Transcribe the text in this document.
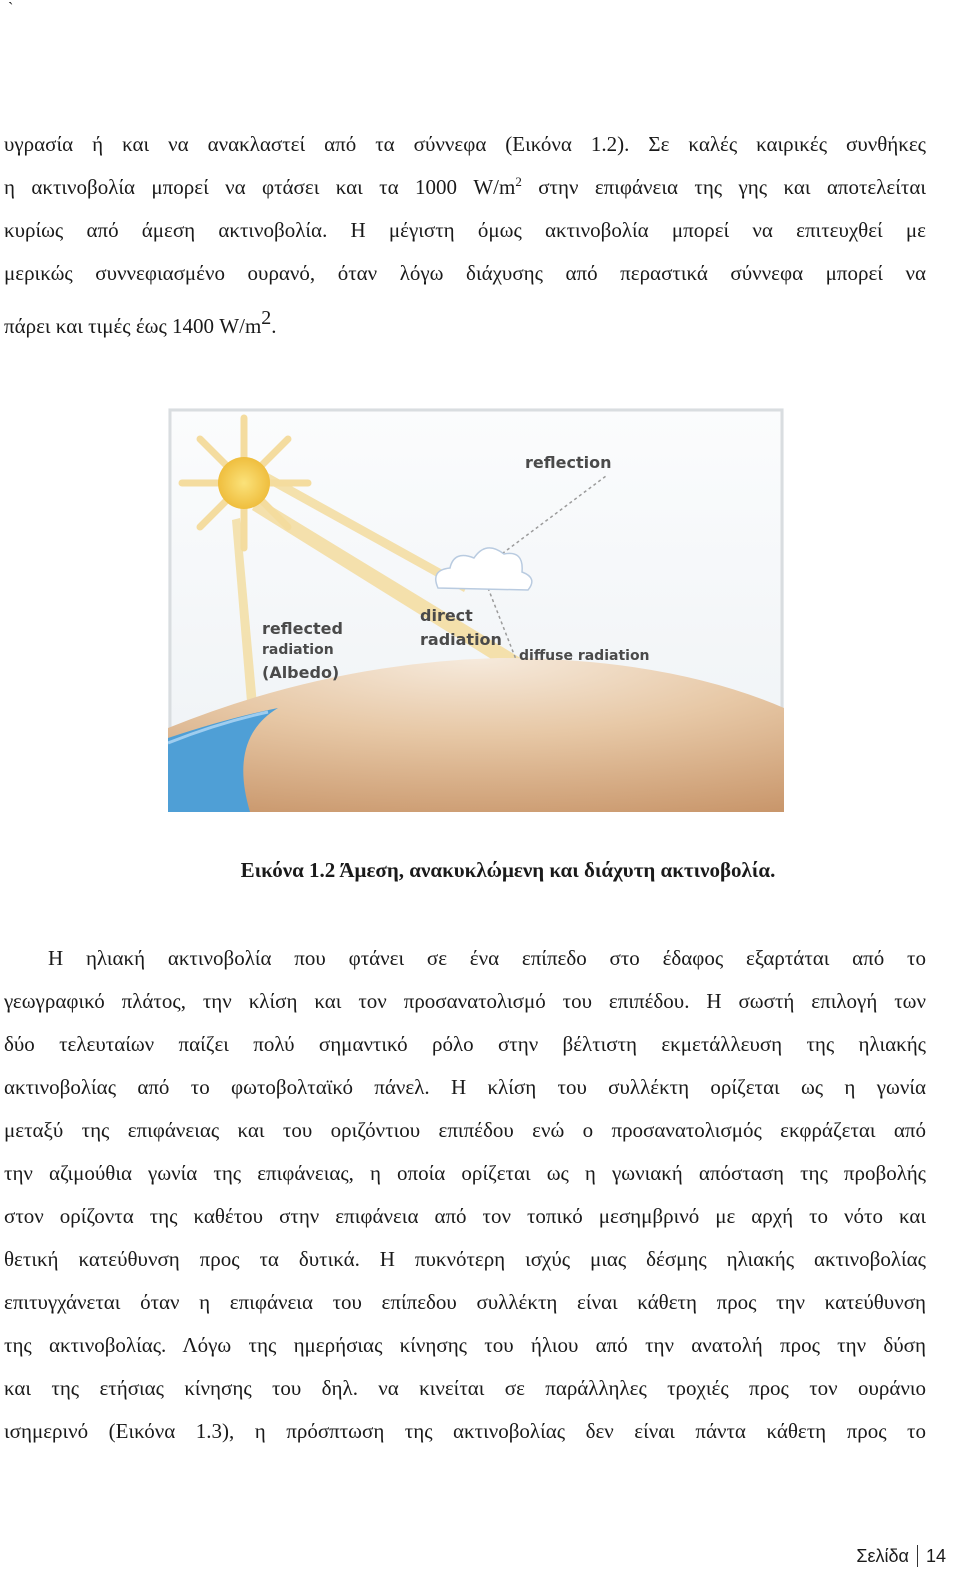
`
υγρασία ή και να ανακλαστεί από τα σύννεφα (Εικόνα 1.2). Σε καλές καιρικές συνθήκες
η ακτινοβολία μπορεί να φτάσει και τα 1000 $W/m^2$ στην επιφάνεια της γης και αποτελείται
κυρίως από άμεση ακτινοβολία. Η μέγιστη όμως ακτινοβολία μπορεί να επιτευχθεί με
μερικώς συννεφιασμένο ουρανό, όταν λόγω διάχυσης από περαστικά σύννεφα μπορεί να
πάρει και τιμές έως 1400 W/m2.
reflection
direct
radiation
diffuse radiation
reflected
radiation
(Albedo)

Εικόνα 1.2 Άμεση, ανακυκλώμενη και διάχυτη ακτινοβολία.

Η ηλιακή ακτινοβολία που φτάνει σε ένα επίπεδο στο έδαφος εξαρτάται από το
γεωγραφικό πλάτος, την κλίση και τον προσανατολισμό του επιπέδου. Η σωστή επιλογή των
δύο τελευταίων παίζει πολύ σημαντικό ρόλο στην βέλτιστη εκμετάλλευση της ηλιακής
ακτινοβολίας από το φωτοβολταϊκό πάνελ. Η κλίση του συλλέκτη ορίζεται ως η γωνία
μεταξύ της επιφάνειας και του οριζόντιου επιπέδου ενώ ο προσανατολισμός εκφράζεται από
την αζιμούθια γωνία της επιφάνειας, η οποία ορίζεται ως η γωνιακή απόσταση της προβολής
στον ορίζοντα της καθέτου στην επιφάνεια από τον τοπικό μεσημβρινό με αρχή το νότο και
θετική κατεύθυνση προς τα δυτικά. Η πυκνότερη ισχύς μιας δέσμης ηλιακής ακτινοβολίας
επιτυγχάνεται όταν η επιφάνεια του επίπεδου συλλέκτη είναι κάθετη προς την κατεύθυνση
της ακτινοβολίας. Λόγω της ημερήσιας κίνησης του ήλιου από την ανατολή προς την δύση
και της ετήσιας κίνησης του δηλ. να κινείται σε παράλληλες τροχιές προς τον ουράνιο
ισημερινό (Εικόνα 1.3), η πρόσπτωση της ακτινοβολίας δεν είναι πάντα κάθετη προς το
Σελίδα 14
